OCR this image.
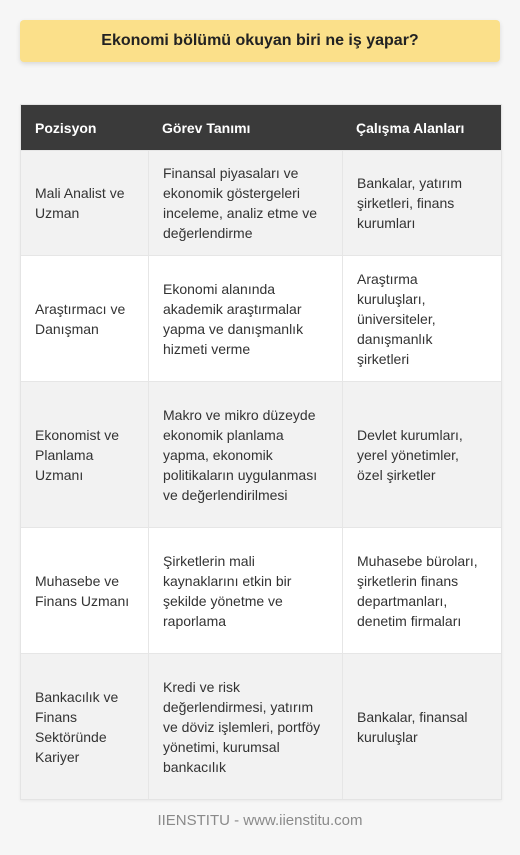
Ekonomi bölümü okuyan biri ne iş yapar?
Pozisyon	Görev Tanımı	Çalışma Alanları
Mali Analist ve Uzman
Finansal piyasaları ve ekonomik göstergeleri inceleme, analiz etme ve değerlendirme
Bankalar, yatırım şirketleri, finans kurumları
Araştırmacı ve Danışman
Ekonomi alanında akademik araştırmalar yapma ve danışmanlık hizmeti verme
Araştırma kuruluşları, üniversiteler, danışmanlık şirketleri
Ekonomist ve Planlama Uzmanı
Makro ve mikro düzeyde ekonomik planlama yapma, ekonomik politikaların uygulanması ve değerlendirilmesi
Devlet kurumları, yerel yönetimler, özel şirketler
Muhasebe ve Finans Uzmanı
Şirketlerin mali kaynaklarını etkin bir şekilde yönetme ve raporlama
Muhasebe büroları, şirketlerin finans departmanları, denetim firmaları
Bankacılık ve Finans Sektöründe Kariyer
Kredi ve risk değerlendirmesi, yatırım ve döviz işlemleri, portföy yönetimi, kurumsal bankacılık
Bankalar, finansal kuruluşlar
IIENSTITU - www.iienstitu.com
